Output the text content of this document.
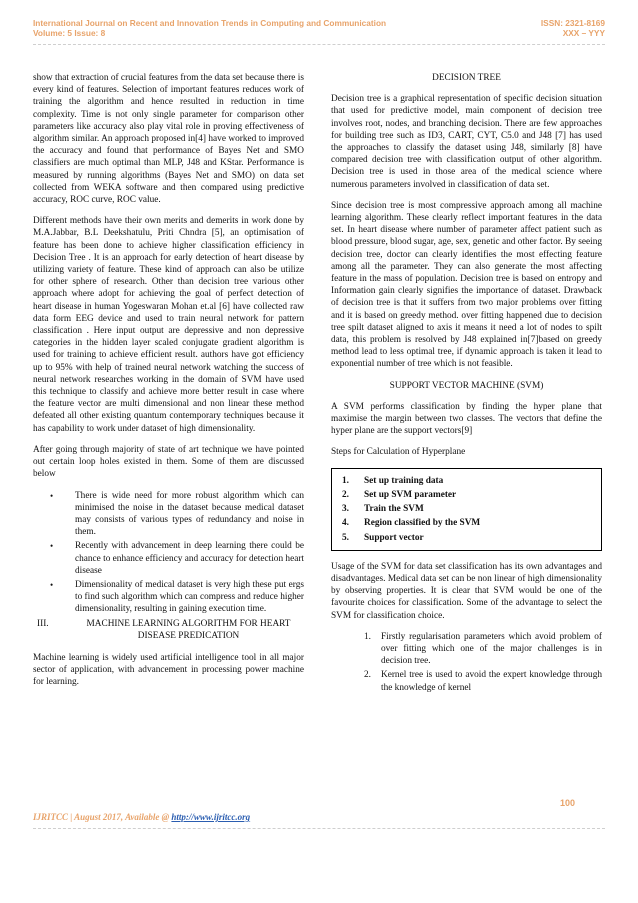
International Journal on Recent and Innovation Trends in Computing and Communication	ISSN: 2321-8169
Volume: 5 Issue: 8	XXX – YYY

show that extraction of crucial features from the data set because there is every kind of features. Selection of important features reduces work of training the algorithm and hence resulted in reduction in time complexity. Time is not only single parameter for comparison other parameters like accuracy also play vital role in proving effectiveness of algorithm similar. An approach proposed in[4] have worked to improved the accuracy and found that performance of Bayes Net and SMO classifiers are much optimal than MLP, J48 and KStar. Performance is measured by running algorithms (Bayes Net and SMO) on data set collected from WEKA software and then compared using predictive accuracy, ROC curve, ROC value.

Different methods have their own merits and demerits in work done by M.A.Jabbar, B.L Deekshatulu, Priti Chndra [5], an optimisation of feature has been done to achieve higher classification efficiency in Decision Tree . It is an approach for early detection of heart disease by utilizing variety of feature. These kind of approach can also be utilize for other sphere of research. Other than decision tree various other approach where adopt for achieving the goal of perfect detection of heart disease in human Yogeswaran Mohan et.al [6] have collected raw data form EEG device and used to train neural network for pattern classification . Here input output are depressive and non depressive categories in the hidden layer scaled conjugate gradient algorithm is used for training to achieve efficient result. authors have got efficiency up to 95% with help of trained neural network watching the success of neural network researches working in the domain of SVM have used this technique to classify and achieve more better result in case where the feature vector are multi dimensional and non linear these method defeated all other existing quantum contemporary techniques because it has capability to work under dataset of high dimensionality.

After going through majority of state of art technique we have pointed out certain loop holes existed in them. Some of them are discussed below

• There is wide need for more robust algorithm which can minimised the noise in the dataset because medical dataset may consists of various types of redundancy and noise in them.
• Recently with advancement in deep learning there could be chance to enhance efficiency and accuracy for detection heart disease
• Dimensionality of medical dataset is very high these put ergs to find such algorithm which can compress and reduce higher dimensionality, resulting in gaining execution time.
III.	MACHINE LEARNING ALGORITHM FOR HEART DISEASE PREDICATION

Machine learning is widely used artificial intelligence tool in all major sector of application, with advancement in processing power machine for learning.

DECISION TREE

Decision tree is a graphical representation of specific decision situation that used for predictive model, main component of decision tree involves root, nodes, and branching decision. There are few approaches for building tree such as ID3, CART, CYT, C5.0 and J48 [7] has used the approaches to classify the dataset using J48, similarly [8] have compared decision tree with classification output of other algorithm. Decision tree is used in those area of the medical science where numerous parameters involved in classification of data set.

Since decision tree is most compressive approach among all machine learning algorithm. These clearly reflect important features in the data set. In heart disease where number of parameter affect patient such as blood pressure, blood sugar, age, sex, genetic and other factor. By seeing decision tree, doctor can clearly identifies the most effecting feature among all the parameter. They can also generate the most affecting feature in the mass of population. Decision tree is based on entropy and Information gain clearly signifies the importance of dataset. Drawback of decision tree is that it suffers from two major problems over fitting and it is based on greedy method. over fitting happened due to decision tree spilt dataset aligned to axis it means it need a lot of nodes to spilt data, this problem is resolved by J48 explained in[7]based on greedy method lead to less optimal tree, if dynamic approach is taken it lead to exponential number of tree which is not feasible.

SUPPORT VECTOR MACHINE (SVM)

A SVM performs classification by finding the hyper plane that maximise the margin between two classes. The vectors that define the hyper plane are the support vectors[9]

Steps for Calculation of Hyperplane

1.	Set up training data
2.	Set up SVM parameter
3.	Train the SVM
4.	Region classified by the SVM
5.	Support vector

Usage of the SVM for data set classification has its own advantages and disadvantages. Medical data set can be non linear of high dimensionality by observing properties. It is clear that SVM would be one of the favourite choices for classification. Some of the advantage to select the SVM for classification choice.

1.	Firstly regularisation parameters which avoid problem of over fitting which one of the major challenges is in decision tree.
2.	Kernel tree is used to avoid the expert knowledge through the knowledge of kernel
100
IJRITCC | August 2017, Available @ http://www.ijritcc.org
